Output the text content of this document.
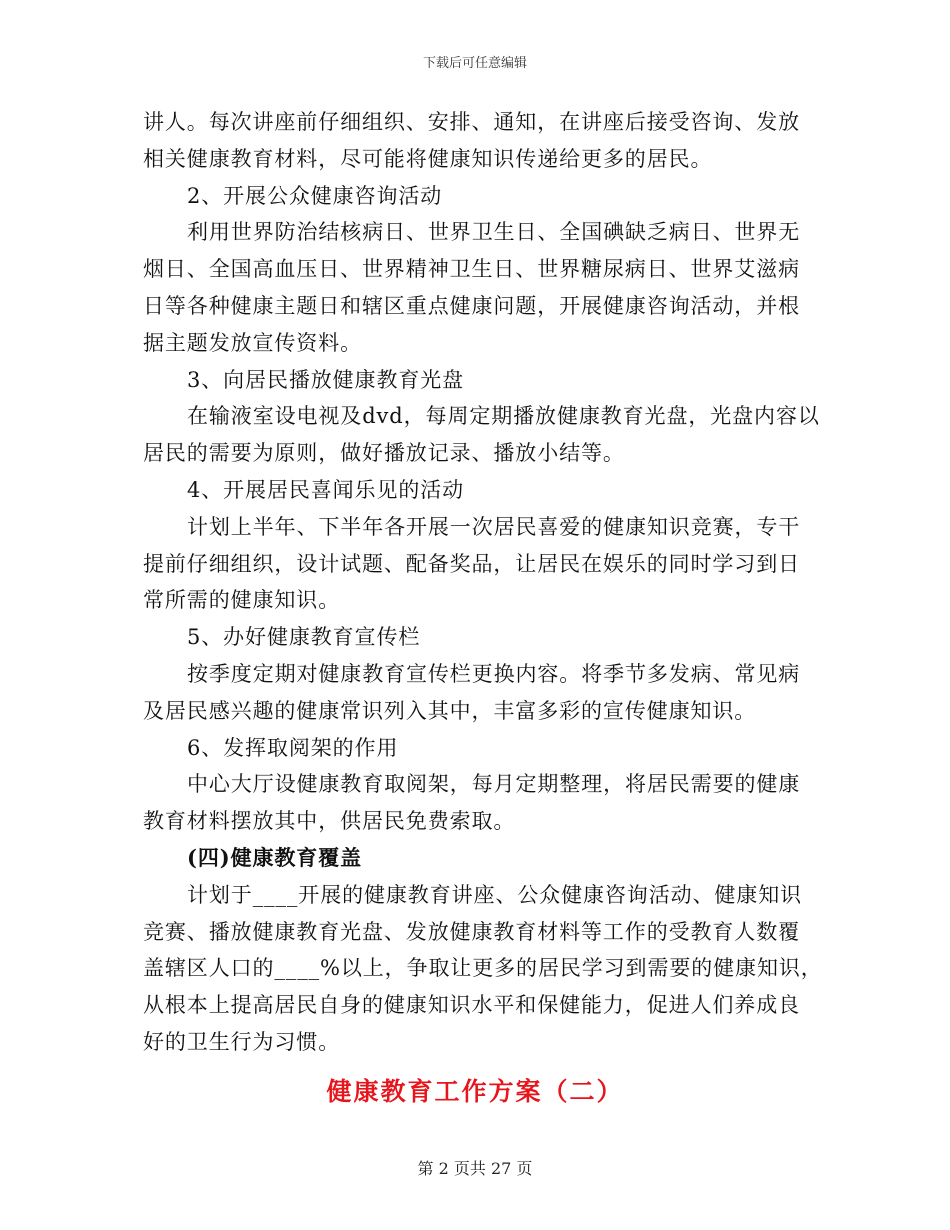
下载后可任意编辑
讲人。每次讲座前仔细组织、安排、通知，在讲座后接受咨询、发放
相关健康教育材料，尽可能将健康知识传递给更多的居民。
2、开展公众健康咨询活动
利用世界防治结核病日、世界卫生日、全国碘缺乏病日、世界无
烟日、全国高血压日、世界精神卫生日、世界糖尿病日、世界艾滋病
日等各种健康主题日和辖区重点健康问题，开展健康咨询活动，并根
据主题发放宣传资料。
3、向居民播放健康教育光盘
在输液室设电视及dvd，每周定期播放健康教育光盘，光盘内容以
居民的需要为原则，做好播放记录、播放小结等。
4、开展居民喜闻乐见的活动
计划上半年、下半年各开展一次居民喜爱的健康知识竞赛，专干
提前仔细组织，设计试题、配备奖品，让居民在娱乐的同时学习到日
常所需的健康知识。
5、办好健康教育宣传栏
按季度定期对健康教育宣传栏更换内容。将季节多发病、常见病
及居民感兴趣的健康常识列入其中，丰富多彩的宣传健康知识。
6、发挥取阅架的作用
中心大厅设健康教育取阅架，每月定期整理，将居民需要的健康
教育材料摆放其中，供居民免费索取。
(四)健康教育覆盖
计划于____开展的健康教育讲座、公众健康咨询活动、健康知识
竞赛、播放健康教育光盘、发放健康教育材料等工作的受教育人数覆
盖辖区人口的____%以上，争取让更多的居民学习到需要的健康知识，
从根本上提高居民自身的健康知识水平和保健能力，促进人们养成良
好的卫生行为习惯。
健康教育工作方案（二）
第 2 页共 27 页
